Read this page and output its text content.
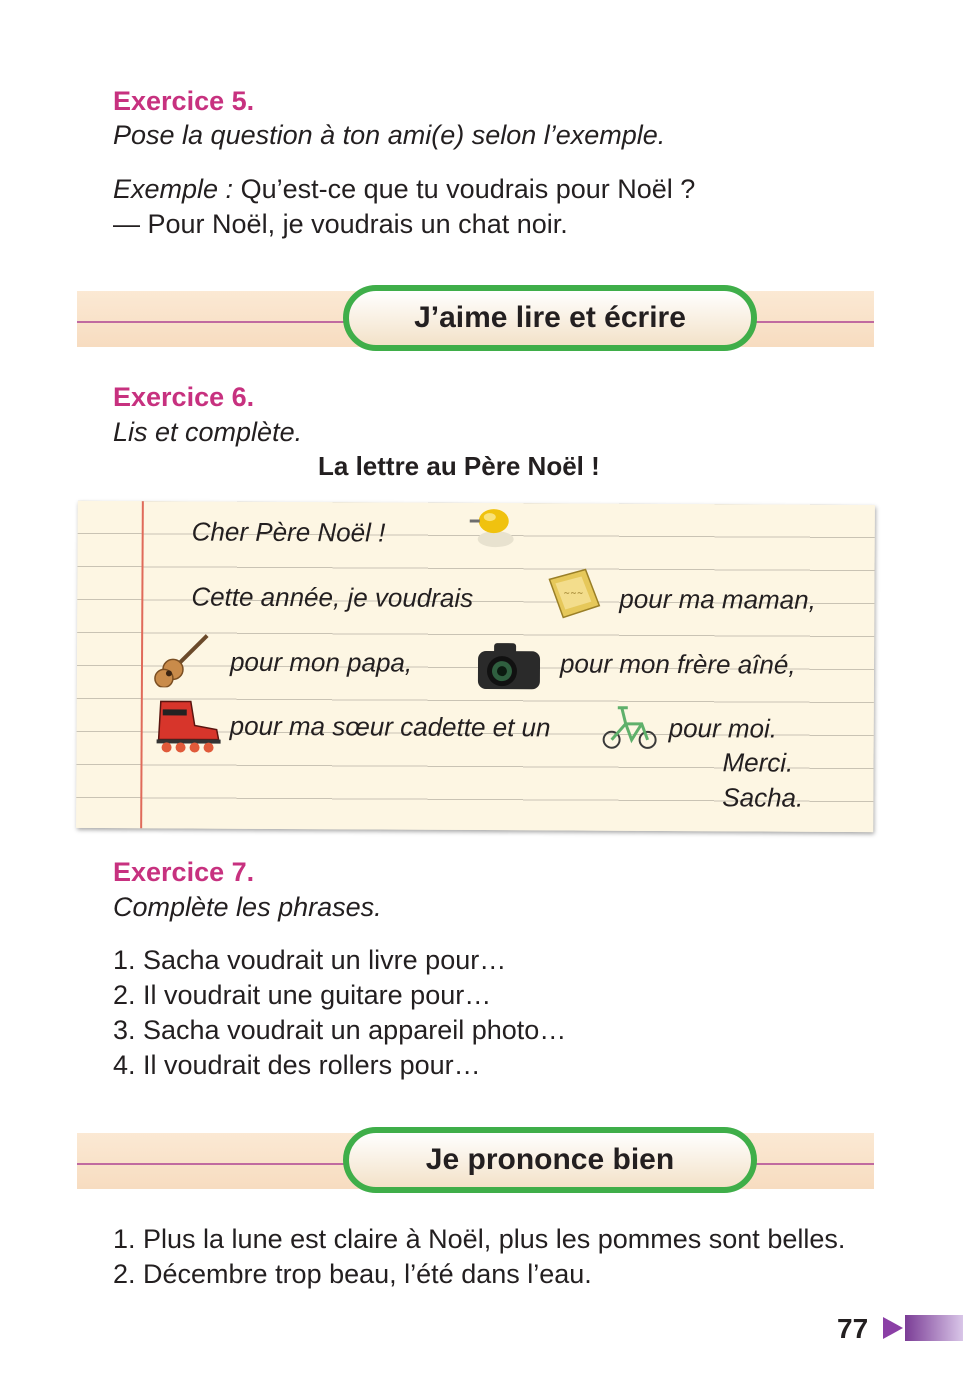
Exercice 5.
Pose la question à ton ami(e) selon l’exemple.
Exemple : Qu’est-ce que tu voudrais pour Noël ?
— Pour Noël, je voudrais un chat noir.
J’aime lire et écrire
Exercice 6.
Lis et complète.
La lettre au Père Noël !
Cher Père Noël !
Cette année, je voudrais	~~~ pour ma maman,
pour mon papa,	pour mon frère aîné,
pour ma sœur cadette et un	pour moi.
Merci.
Sacha.
Exercice 7.
Complète les phrases.
1. Sacha voudrait un livre pour…
2. Il voudrait une guitare pour…
3. Sacha voudrait un appareil photo…
4. Il voudrait des rollers pour…
Je prononce bien
1. Plus la lune est claire à Noël, plus les pommes sont belles.
2. Décembre trop beau, l’été dans l’eau.
77
